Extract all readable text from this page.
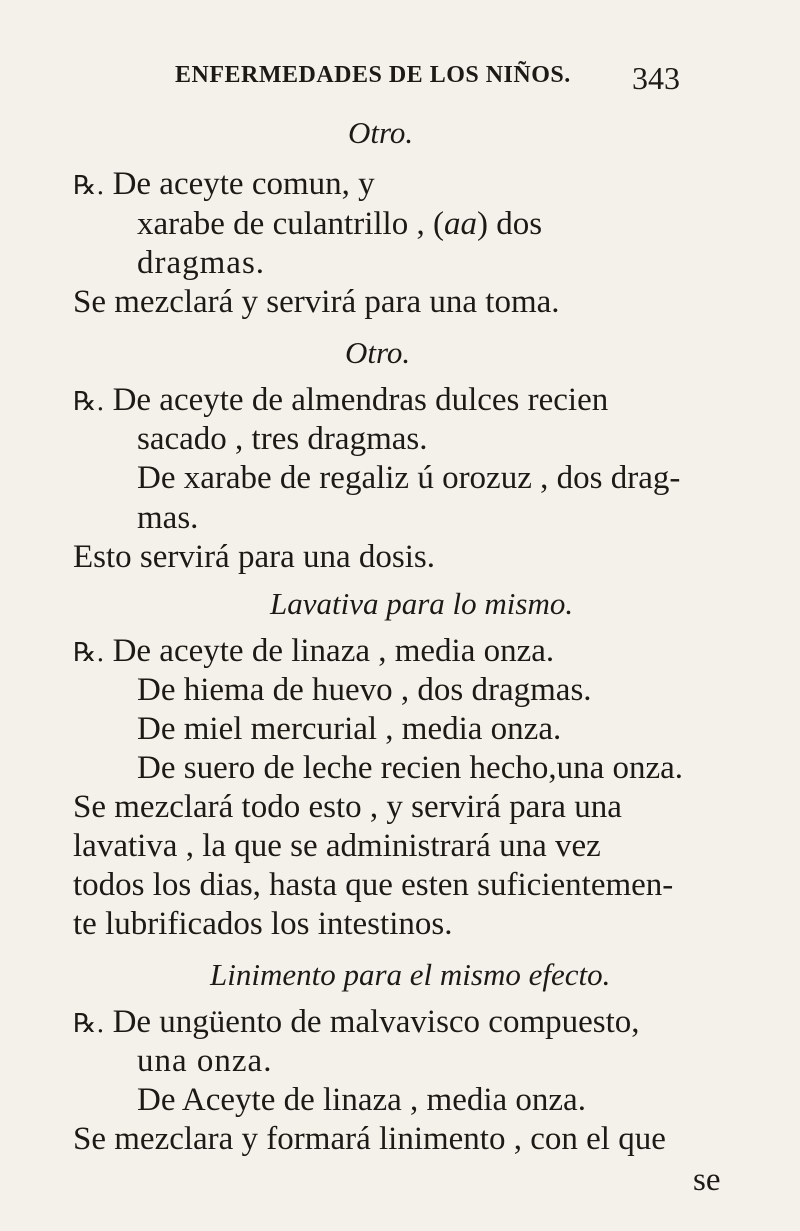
ENFERMEDADES DE LOS NIÑOS. 343
Otro.
℞. De aceyte comun, y
xarabe de culantrillo , (aa) dos
dragmas.
Se mezclará y servirá para una toma.
Otro.
℞. De aceyte de almendras dulces recien
sacado , tres dragmas.
De xarabe de regaliz ú orozuz , dos drag-
mas.
Esto servirá para una dosis.
Lavativa para lo mismo.
℞. De aceyte de linaza , media onza.
De hiema de huevo , dos dragmas.
De miel mercurial , media onza.
De suero de leche recien hecho,una onza.
Se mezclará todo esto , y servirá para una
lavativa , la que se administrará una vez
todos los dias, hasta que esten suficientemen-
te lubrificados los intestinos.
Linimento para el mismo efecto.
℞. De ungüento de malvavisco compuesto,
una onza.
De Aceyte de linaza , media onza.
Se mezclara y formará linimento , con el que
se
